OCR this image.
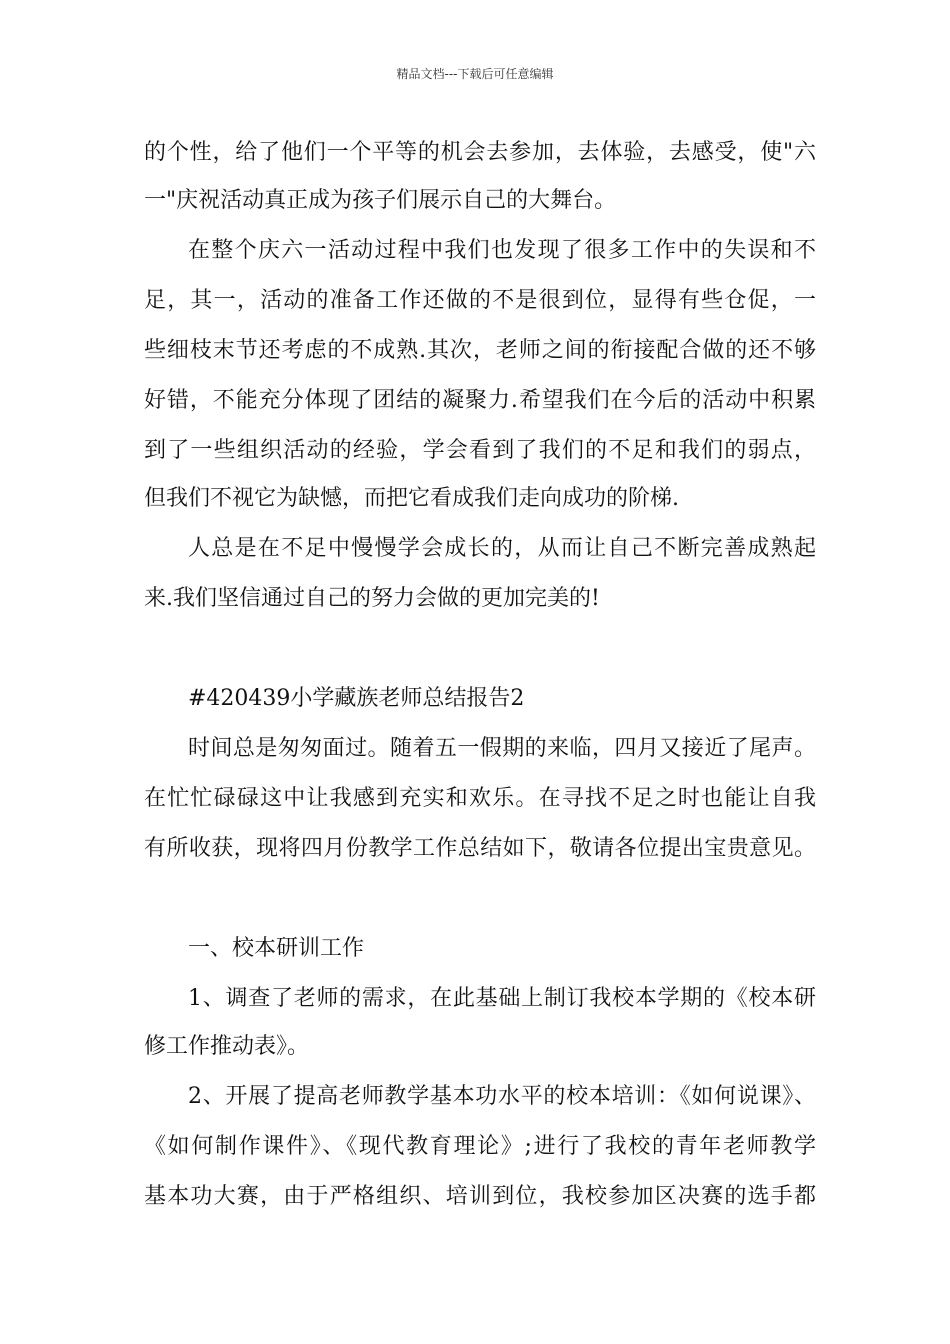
精品文档---下载后可任意编辑
的个性，给了他们一个平等的机会去参加，去体验，去感受，使"六
一"庆祝活动真正成为孩子们展示自己的大舞台。
在整个庆六一活动过程中我们也发现了很多工作中的失误和不
足，其一，活动的准备工作还做的不是很到位，显得有些仓促，一
些细枝末节还考虑的不成熟.其次，老师之间的衔接配合做的还不够
好错，不能充分体现了团结的凝聚力.希望我们在今后的活动中积累
到了一些组织活动的经验，学会看到了我们的不足和我们的弱点，
但我们不视它为缺憾，而把它看成我们走向成功的阶梯.
人总是在不足中慢慢学会成长的，从而让自己不断完善成熟起
来.我们坚信通过自己的努力会做的更加完美的!
#420439小学藏族老师总结报告2
时间总是匆匆面过。随着五一假期的来临，四月又接近了尾声。
在忙忙碌碌这中让我感到充实和欢乐。在寻找不足之时也能让自我
有所收获，现将四月份教学工作总结如下，敬请各位提出宝贵意见。
一、校本研训工作
1、调查了老师的需求，在此基础上制订我校本学期的《校本研
修工作推动表》。
2、开展了提高老师教学基本功水平的校本培训：《如何说课》、
《如何制作课件》、《现代教育理论》;进行了我校的青年老师教学
基本功大赛，由于严格组织、培训到位，我校参加区决赛的选手都
